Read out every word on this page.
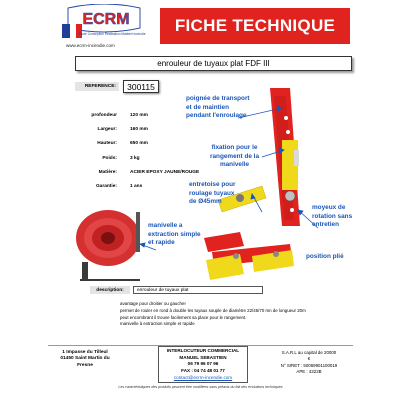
ECRM
Etude Conception Réalisation Matériel incendie
www.ecrm-incendie.com
FICHE TECHNIQUE
enrouleur de tuyaux plat FDF III
REFERENCE:	300115
profondeur	120 mm
Largeur:	160 mm
Hauteur:	650 mm
Poids:	3 kg
Matière:	ACIER EPOXY JAUNE/ROUGE
Garantie:	1 ans
poignée de transport
et de maintien
pendant l'enroulage
fixation pour le
rangement de la
manivelle
entretoise pour
roulage tuyaux
de Ø45mm
moyeux de
rotation sans
entretien
manivelle a
extraction simple
et rapide
position plié
description:	enrouleur de tuyaux plat
avantage pour droitier ou gaucher
permet de rouler en rond à double les tuyaux souple de diamètre 22/45/70 mn de longueur 20m
peut encombrant il trouve facilement sa place pour le rangement.
manivelle à extraction simple et rapide
1 Impasse du Tilleul
01450 Saint Martin du
Fresne
INTERLOCUTEUR COMMERCIAL
MANUEL SEBASTIEN
06 79 96 07 96
FAX : 04 74 48 01 77
contact@ecrm-incendie.com
S.A.R.L au capital de 20000
€
N° SIRET : 50069901100019
APE : 4322B
Les caractéristiques des produits peuvent être modifiées sans préavis du fait des évolutions techniques
